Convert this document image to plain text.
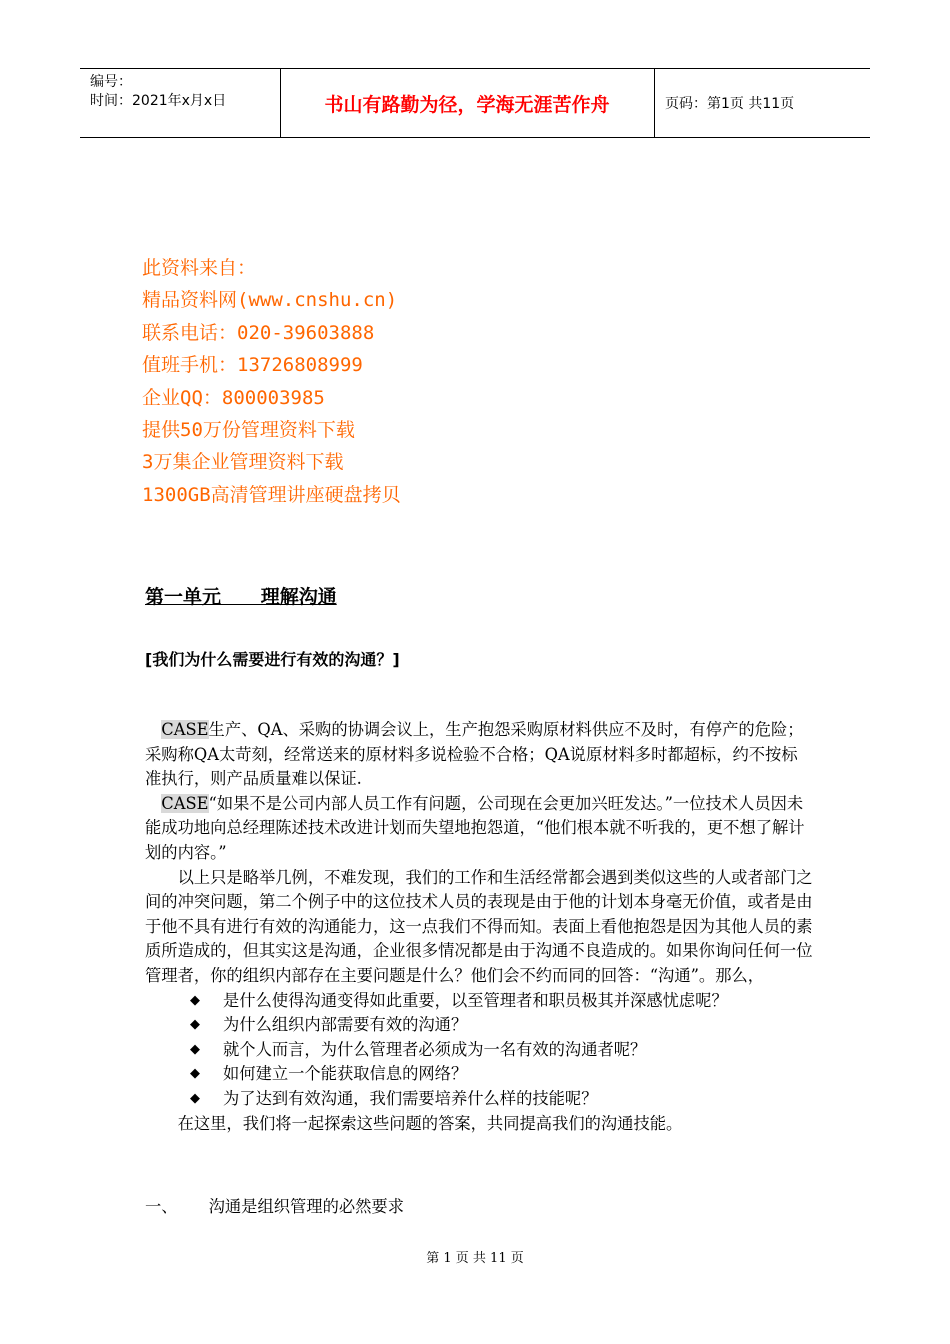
编号：
时间：2021年x月x日	书山有路勤为径，学海无涯苦作舟	页码：第1页 共11页
此资料来自：
精品资料网(www.cnshu.cn)
联系电话：020-39603888
值班手机：13726808999
企业QQ：800003985
提供50万份管理资料下载
3万集企业管理资料下载
1300GB高清管理讲座硬盘拷贝
第一单元      理解沟通
[我们为什么需要进行有效的沟通？]

 CASE生产、QA、采购的协调会议上，生产抱怨采购原材料供应不及时，有停产的危险；采购称QA太苛刻，经常送来的原材料多说检验不合格；QA说原材料多时都超标，约不按标准执行，则产品质量难以保证.

 CASE“如果不是公司内部人员工作有问题，公司现在会更加兴旺发达。”一位技术人员因未能成功地向总经理陈述技术改进计划而失望地抱怨道，“他们根本就不听我的，更不想了解计划的内容。”

  以上只是略举几例，不难发现，我们的工作和生活经常都会遇到类似这些的人或者部门之间的冲突问题，第二个例子中的这位技术人员的表现是由于他的计划本身毫无价值，或者是由于他不具有进行有效的沟通能力，这一点我们不得而知。表面上看他抱怨是因为其他人员的素质所造成的，但其实这是沟通，企业很多情况都是由于沟通不良造成的。如果你询问任何一位管理者，你的组织内部存在主要问题是什么？他们会不约而同的回答：“沟通”。那么，

◆	是什么使得沟通变得如此重要，以至管理者和职员极其并深感忧虑呢？
◆	为什么组织内部需要有效的沟通？
◆	就个人而言，为什么管理者必须成为一名有效的沟通者呢？
◆	如何建立一个能获取信息的网络？
◆	为了达到有效沟通，我们需要培养什么样的技能呢？

  在这里，我们将一起探索这些问题的答案，共同提高我们的沟通技能。

一、      沟通是组织管理的必然要求
第 1 页 共 11 页
